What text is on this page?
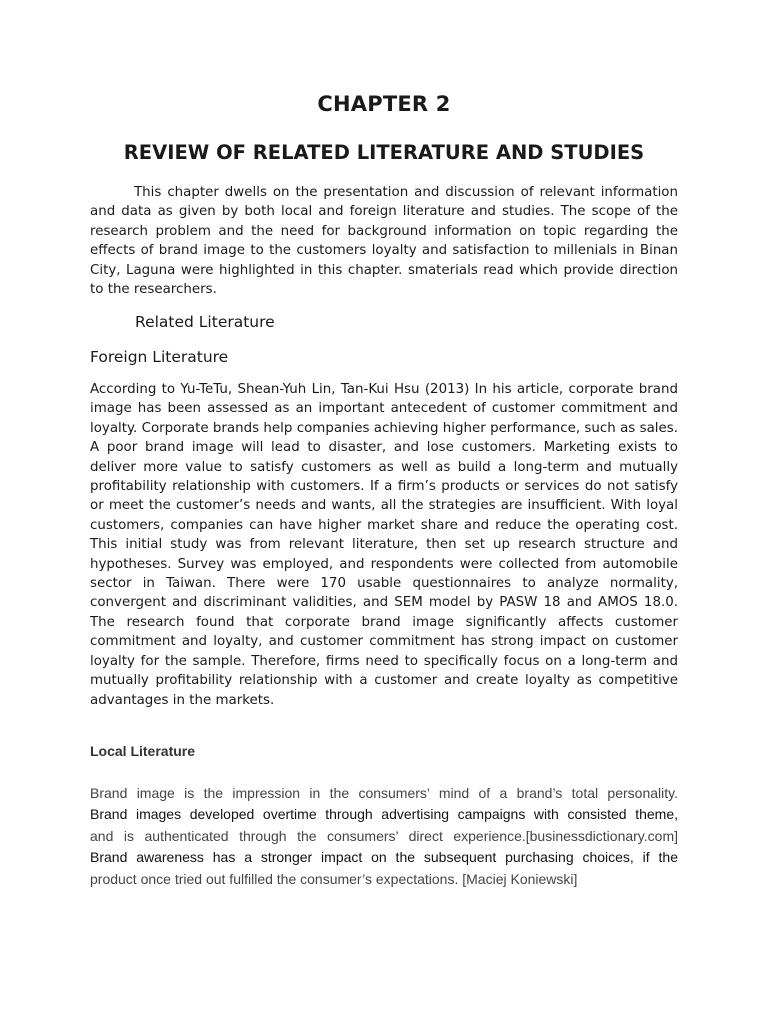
CHAPTER 2
REVIEW OF RELATED LITERATURE AND STUDIES

This chapter dwells on the presentation and discussion of relevant information and data as given by both local and foreign literature and studies. The scope of the research problem and the need for background information on topic regarding the effects of brand image to the customers loyalty and satisfaction to millenials in Binan City, Laguna were highlighted in this chapter. smaterials read which provide direction to the researchers.

Related Literature
Foreign Literature

According to Yu-TeTu, Shean-Yuh Lin, Tan-Kui Hsu (2013) In his article, corporate brand image has been assessed as an important antecedent of customer commitment and loyalty. Corporate brands help companies achieving higher performance, such as sales. A poor brand image will lead to disaster, and lose customers. Marketing exists to deliver more value to satisfy customers as well as build a long-term and mutually profitability relationship with customers. If a firm’s products or services do not satisfy or meet the customer’s needs and wants, all the strategies are insufficient. With loyal customers, companies can have higher market share and reduce the operating cost. This initial study was from relevant literature, then set up research structure and hypotheses. Survey was employed, and respondents were collected from automobile sector in Taiwan. There were 170 usable questionnaires to analyze normality, convergent and discriminant validities, and SEM model by PASW 18 and AMOS 18.0. The research found that corporate brand image significantly affects customer commitment and loyalty, and customer commitment has strong impact on customer loyalty for the sample. Therefore, firms need to specifically focus on a long-term and mutually profitability relationship with a customer and create loyalty as competitive advantages in the markets.

Local Literature
Brand image is the impression in the consumers’ mind of a brand’s total personality.
Brand images developed overtime through advertising campaigns with consisted theme,
and is authenticated through the consumers’ direct experience.[businessdictionary.com]
Brand awareness has a stronger impact on the subsequent purchasing choices, if the
product once tried out fulfilled the consumer’s expectations. [Maciej Koniewski]
